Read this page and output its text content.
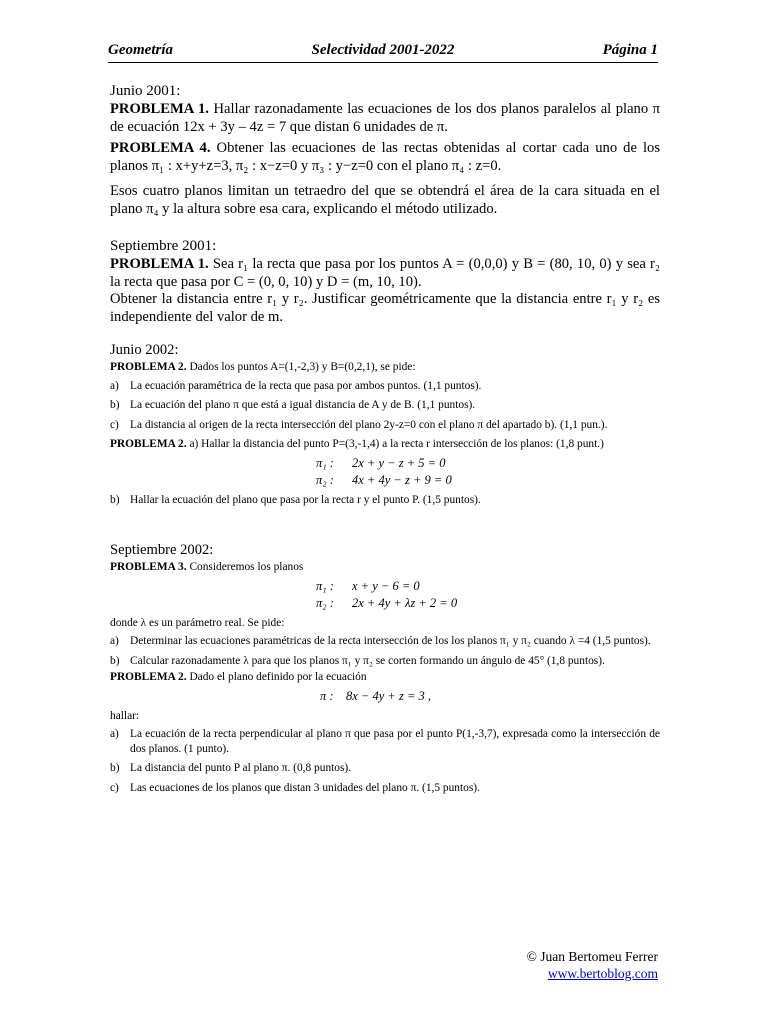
Geometría	Selectividad 2001-2022	Página 1
Junio 2001:

PROBLEMA 1. Hallar razonadamente las ecuaciones de los dos planos paralelos al plano π de ecuación 12x + 3y – 4z = 7 que distan 6 unidades de π.

PROBLEMA 4. Obtener las ecuaciones de las rectas obtenidas al cortar cada uno de los planos π₁ : x+y+z=3, π₂ : x−z=0 y π₃ : y−z=0 con el plano π₄ : z=0.

Esos cuatro planos limitan un tetraedro del que se obtendrá el área de la cara situada en el plano π₄ y la altura sobre esa cara, explicando el método utilizado.

Septiembre 2001:

PROBLEMA 1. Sea r₁ la recta que pasa por los puntos A = (0,0,0) y B = (80, 10, 0) y sea r₂ la recta que pasa por C = (0, 0, 10) y D = (m, 10, 10).

Obtener la distancia entre r₁ y r₂. Justificar geométricamente que la distancia entre r₁ y r₂ es independiente del valor de m.

Junio 2002:

PROBLEMA 2. Dados los puntos A=(1,-2,3) y B=(0,2,1), se pide:

a) La ecuación paramétrica de la recta que pasa por ambos puntos. (1,1 puntos).
b) La ecuación del plano π que está a igual distancia de A y de B. (1,1 puntos).
c) La distancia al origen de la recta intersección del plano 2y-z=0 con el plano π del apartado b). (1,1 pun.).

PROBLEMA 2. a) Hallar la distancia del punto P=(3,-1,4) a la recta r intersección de los planos: (1,8 punt.)

π₁ : 2x + y − z + 5 = 0
π₂ : 4x + 4y − z + 9 = 0
b) Hallar la ecuación del plano que pasa por la recta r y el punto P. (1,5 puntos).
Septiembre 2002:

PROBLEMA 3. Consideremos los planos

π₁ : x + y − 6 = 0
π₂ : 2x + 4y + λz + 2 = 0

donde λ es un parámetro real. Se pide:

a) Determinar las ecuaciones paramétricas de la recta intersección de los los planos π₁ y π₂ cuando λ =4 (1,5 puntos).
b) Calcular razonadamente λ para que los planos π₁ y π₂ se corten formando un ángulo de 45° (1,8 puntos).

PROBLEMA 2. Dado el plano definido por la ecuación

π : 8x − 4y + z = 3 ,

hallar:

a) La ecuación de la recta perpendicular al plano π que pasa por el punto P(1,-3,7), expresada como la intersección de dos planos. (1 punto).
b) La distancia del punto P al plano π. (0,8 puntos).
c) Las ecuaciones de los planos que distan 3 unidades del plano π. (1,5 puntos).
© Juan Bertomeu Ferrer
www.bertoblog.com
